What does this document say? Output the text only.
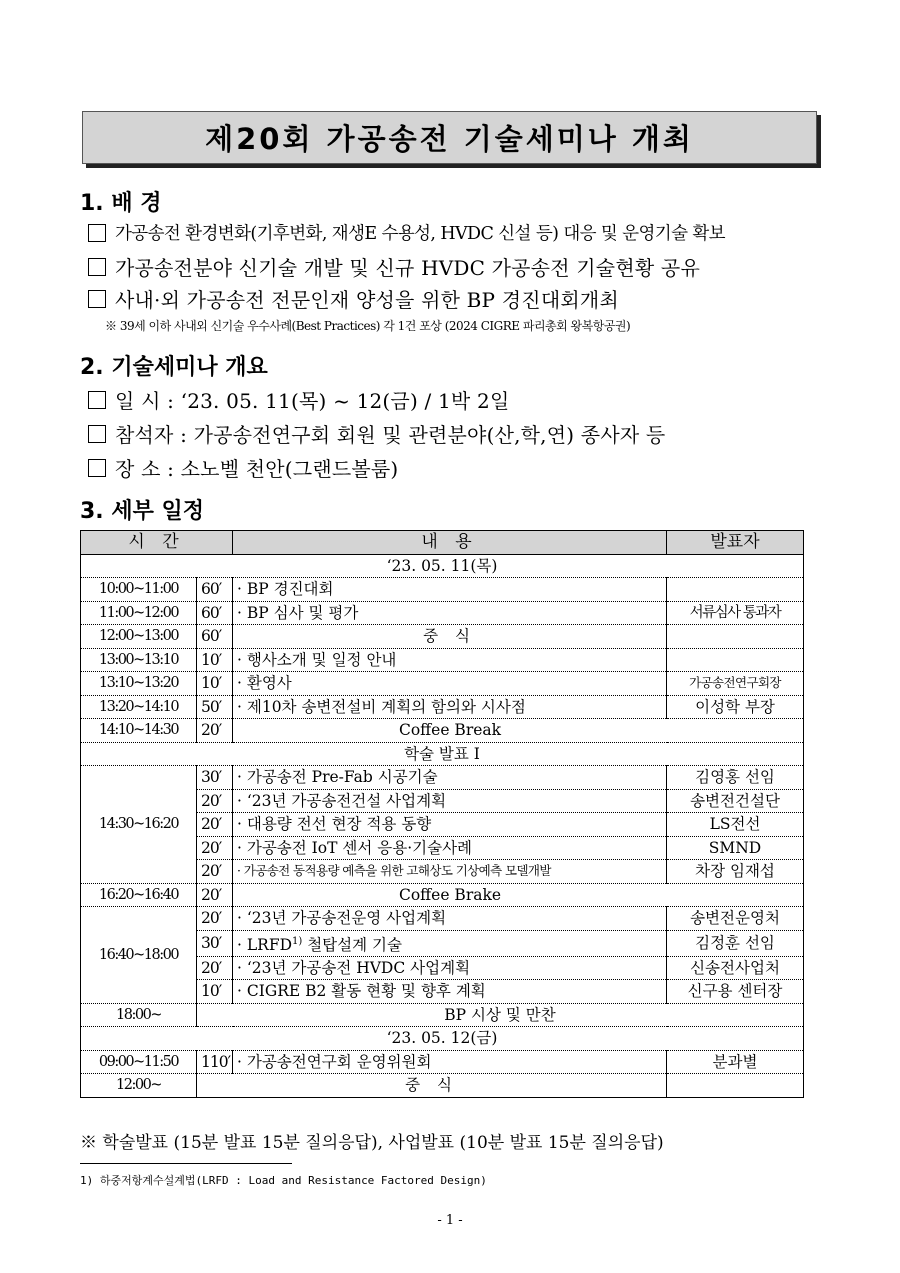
제20회 가공송전 기술세미나 개최
1. 배 경
가공송전 환경변화(기후변화, 재생E 수용성, HVDC 신설 등) 대응 및 운영기술 확보
가공송전분야 신기술 개발 및 신규 HVDC 가공송전 기술현황 공유
사내·외 가공송전 전문인재 양성을 위한 BP 경진대회개최
※ 39세 이하 사내외 신기술 우수사례(Best Practices) 각 1건 포상 (2024 CIGRE 파리총회 왕복항공권)
2. 기술세미나 개요
일 시 : ‘23. 05. 11(목) ~ 12(금) / 1박 2일
참석자 : 가공송전연구회 회원 및 관련분야(산,학,연) 종사자 등
장 소 : 소노벨 천안(그랜드볼룸)
3. 세부 일정
시 간		내 용	발표자
‘23. 05. 11(목)			
10:00~11:00	60′	· BP 경진대회	
11:00~12:00	60′	· BP 심사 및 평가	서류심사 통과자
12:00~13:00	60′	중 식	
13:00~13:10	10′	· 행사소개 및 일정 안내	
13:10~13:20	10′	· 환영사	가공송전연구회장
13:20~14:10	50′	· 제10차 송변전설비 계획의 함의와 시사점	이성학 부장
14:10~14:30	20′	Coffee Break	
학술 발표 I			
14:30~16:20	30′	· 가공송전 Pre-Fab 시공기술	김영홍 선임
	20′	· ‘23년 가공송전건설 사업계획	송변전건설단
	20′	· 대용량 전선 현장 적용 동향	LS전선
	20′	· 가공송전 IoT 센서 응용·기술사례	SMND
	20′	· 가공송전 동적용량 예측을 위한 고해상도 기상예측 모델개발	차장 임재섭
16:20~16:40	20′	Coffee Brake	
16:40~18:00	20′	· ‘23년 가공송전운영 사업계획	송변전운영처
	30′	· $LRFD^{1)}$ 철탑설계 기술	김정훈 선임
	20′	· ‘23년 가공송전 HVDC 사업계획	신송전사업처
	10′	· CIGRE B2 활동 현황 및 향후 계획	신구용 센터장
18:00~	BP 시상 및 만찬		
‘23. 05. 12(금)			
09:00~11:50	110′	· 가공송전연구회 운영위원회	분과별
12:00~	중 식		
※ 학술발표 (15분 발표 15분 질의응답), 사업발표 (10분 발표 15분 질의응답)
1) 하중저항계수설계법(LRFD : Load and Resistance Factored Design)
- 1 -
